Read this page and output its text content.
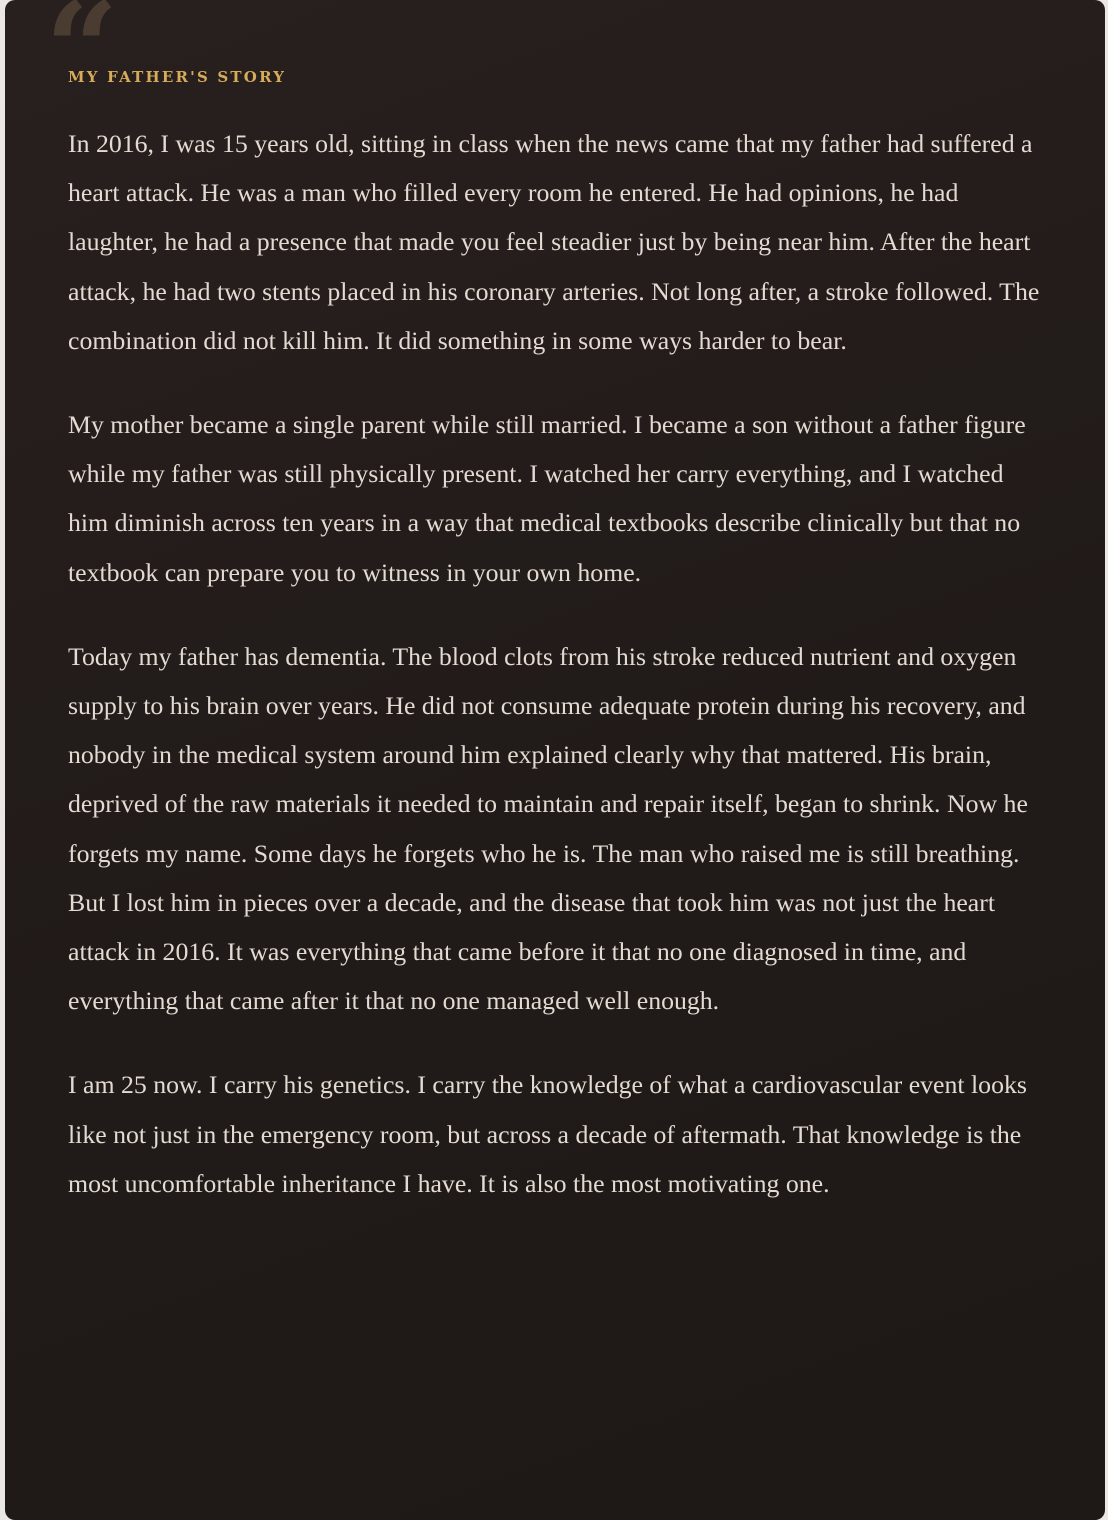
“
MY FATHER'S STORY

In 2016, I was 15 years old, sitting in class when the news came that my father had suffered a heart attack. He was a man who filled every room he entered. He had opinions, he had laughter, he had a presence that made you feel steadier just by being near him. After the heart attack, he had two stents placed in his coronary arteries. Not long after, a stroke followed. The combination did not kill him. It did something in some ways harder to bear.

My mother became a single parent while still married. I became a son without a father figure while my father was still physically present. I watched her carry everything, and I watched him diminish across ten years in a way that medical textbooks describe clinically but that no textbook can prepare you to witness in your own home.

Today my father has dementia. The blood clots from his stroke reduced nutrient and oxygen supply to his brain over years. He did not consume adequate protein during his recovery, and nobody in the medical system around him explained clearly why that mattered. His brain, deprived of the raw materials it needed to maintain and repair itself, began to shrink. Now he forgets my name. Some days he forgets who he is. The man who raised me is still breathing. But I lost him in pieces over a decade, and the disease that took him was not just the heart attack in 2016. It was everything that came before it that no one diagnosed in time, and everything that came after it that no one managed well enough.

I am 25 now. I carry his genetics. I carry the knowledge of what a cardiovascular event looks like not just in the emergency room, but across a decade of aftermath. That knowledge is the most uncomfortable inheritance I have. It is also the most motivating one.
